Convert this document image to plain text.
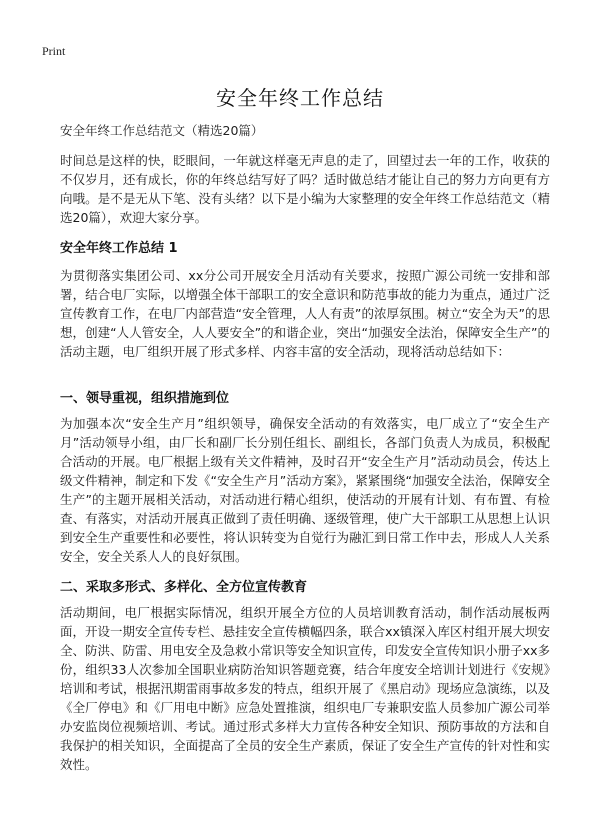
Print
安全年终工作总结
安全年终工作总结范文（精选20篇）

时间总是这样的快，眨眼间，一年就这样毫无声息的走了，回望过去一年的工作，收获的不仅岁月，还有成长，你的年终总结写好了吗？适时做总结才能让自己的努力方向更有方向哦。是不是无从下笔、没有头绪？以下是小编为大家整理的安全年终工作总结范文（精选20篇），欢迎大家分享。

安全年终工作总结 1

为贯彻落实集团公司、xx分公司开展安全月活动有关要求，按照广源公司统一安排和部署，结合电厂实际，以增强全体干部职工的安全意识和防范事故的能力为重点，通过广泛宣传教育工作，在电厂内部营造“安全管理，人人有责”的浓厚氛围。树立“安全为天”的思想，创建“人人管安全，人人要安全”的和谐企业，突出“加强安全法治，保障安全生产”的活动主题，电厂组织开展了形式多样、内容丰富的安全活动，现将活动总结如下：

一、领导重视，组织措施到位

为加强本次“安全生产月”组织领导，确保安全活动的有效落实，电厂成立了“安全生产月”活动领导小组，由厂长和副厂长分别任组长、副组长，各部门负责人为成员，积极配合活动的开展。电厂根据上级有关文件精神，及时召开“安全生产月”活动动员会，传达上级文件精神，制定和下发《“安全生产月”活动方案》，紧紧围绕“加强安全法治，保障安全生产”的主题开展相关活动，对活动进行精心组织，使活动的开展有计划、有布置、有检查、有落实，对活动开展真正做到了责任明确、逐级管理，使广大干部职工从思想上认识到安全生产重要性和必要性，将认识转变为自觉行为融汇到日常工作中去，形成人人关系安全，安全关系人人的良好氛围。

二、采取多形式、多样化、全方位宣传教育

活动期间，电厂根据实际情况，组织开展全方位的人员培训教育活动，制作活动展板两面，开设一期安全宣传专栏、悬挂安全宣传横幅四条，联合xx镇深入库区村组开展大坝安全、防洪、防雷、用电安全及急救小常识等安全知识宣传，印发安全宣传知识小册子xx多份，组织33人次参加全国职业病防治知识答题竞赛，结合年度安全培训计划进行《安规》培训和考试，根据汛期雷雨事故多发的特点，组织开展了《黑启动》现场应急演练，以及《全厂停电》和《厂用电中断》应急处置推演，组织电厂专兼职安监人员参加广源公司举办安监岗位视频培训、考试。通过形式多样大力宣传各种安全知识、预防事故的方法和自我保护的相关知识，全面提高了全员的安全生产素质，保证了安全生产宣传的针对性和实效性。
